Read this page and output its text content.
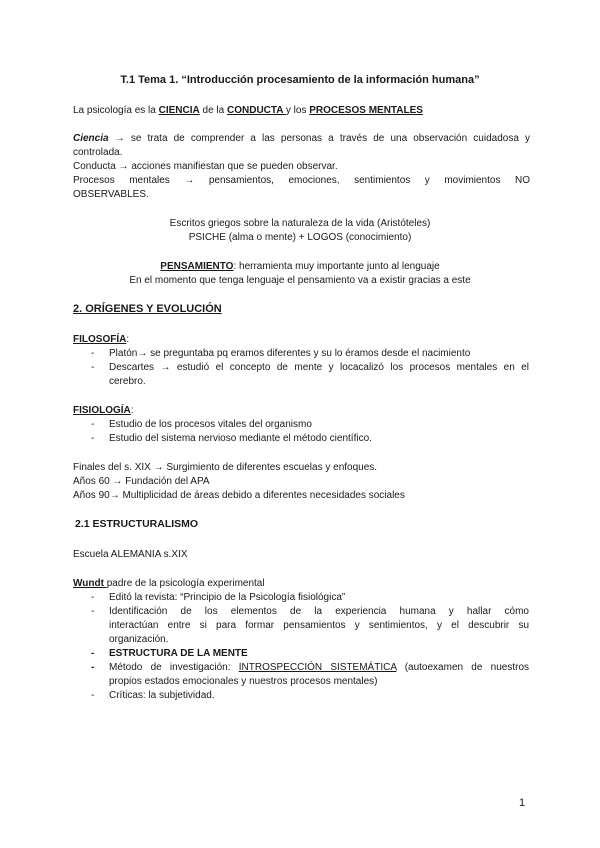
T.1 Tema 1. “Introducción procesamiento de la información humana”
La psicología es la CIENCIA de la CONDUCTA y los PROCESOS MENTALES
Ciencia → se trata de comprender a las personas a través de una observación cuidadosa y
controlada.
Conducta → acciones manifiestan que se pueden observar.
Procesos mentales → pensamientos, emociones, sentimientos y movimientos NO
OBSERVABLES.
Escritos griegos sobre la naturaleza de la vida (Aristóteles)
PSICHE (alma o mente) + LOGOS (conocimiento)
PENSAMIENTO: herramienta muy importante junto al lenguaje
En el momento que tenga lenguaje el pensamiento va a existir gracias a este
2. ORÍGENES Y EVOLUCIÓN
FILOSOFÍA:
- Platón→ se preguntaba pq eramos diferentes y su lo éramos desde el nacimiento
- Descartes → estudió el concepto de mente y locacalizó los procesos mentales en el
cerebro.
FISIOLOGÍA:
- Estudio de los procesos vitales del organismo
- Estudio del sistema nervioso mediante el método científico.
Finales del s. XIX → Surgimiento de diferentes escuelas y enfoques.
Años 60 → Fundación del APA
Años 90→ Multiplicidad de áreas debido a diferentes necesidades sociales
2.1 ESTRUCTURALISMO
Escuela ALEMANIA s.XIX
Wundt padre de la psicología experimental
- Editó la revista: “Principio de la Psicología fisiológica”
- Identificación de los elementos de la experiencia humana y hallar cómo
interactúan entre si para formar pensamientos y sentimientos, y el descubrir su
organización.
- ESTRUCTURA DE LA MENTE
- Método de investigación: INTROSPECCIÓN SISTEMÁTICA (autoexamen de nuestros
propios estados emocionales y nuestros procesos mentales)
- Críticas: la subjetividad.
1
